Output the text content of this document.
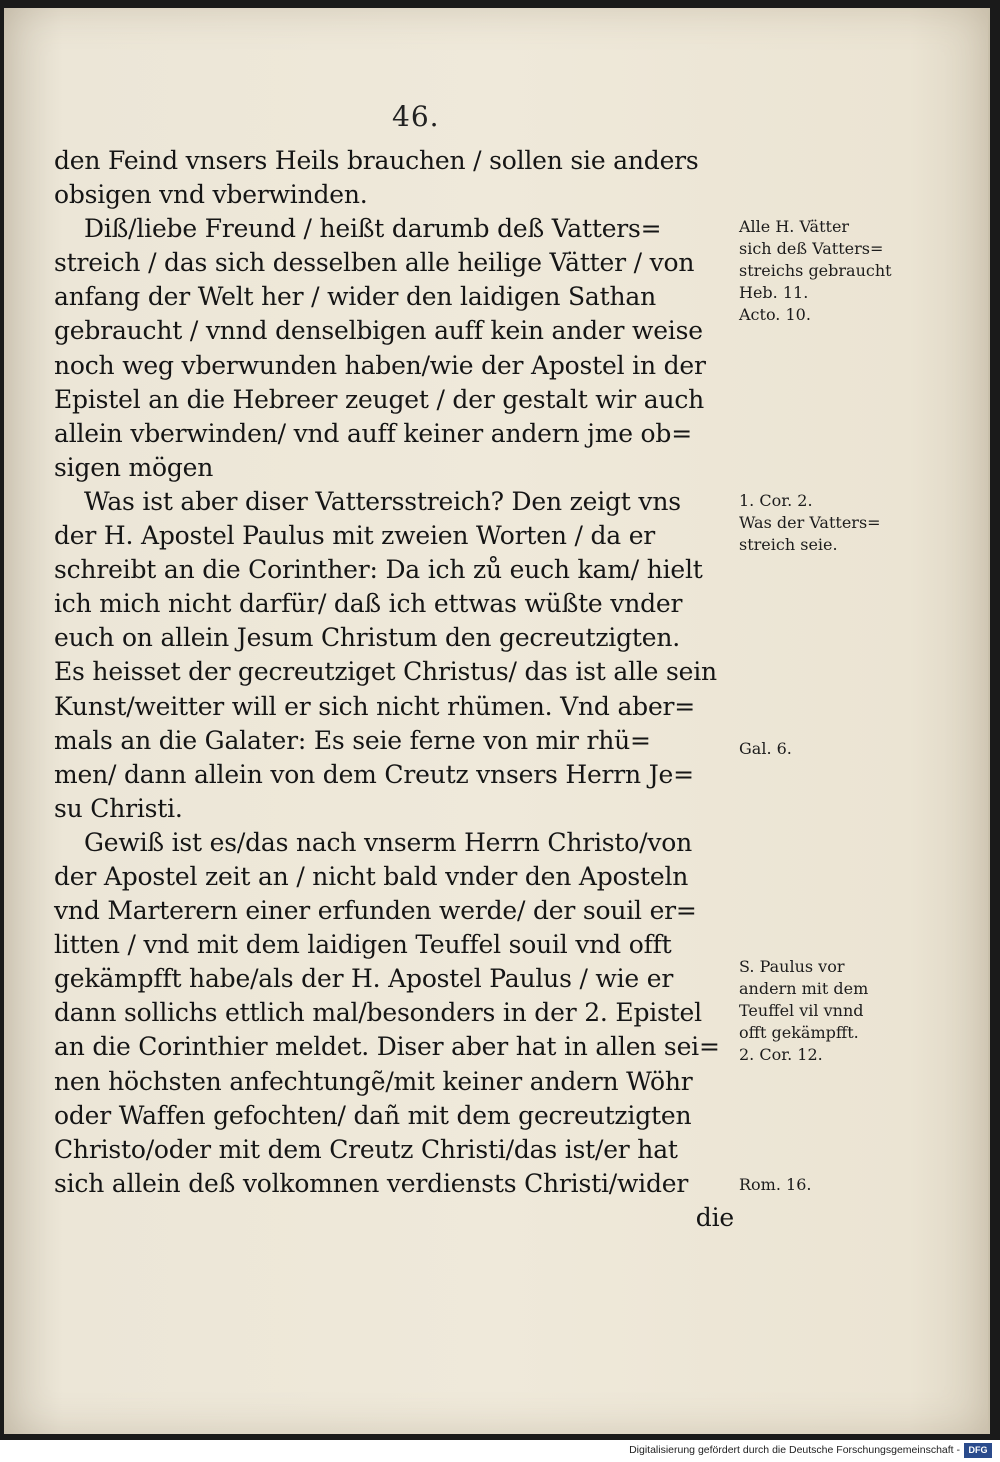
46.
den Feind vnsers Heils brauchen / sollen sie anders
obsigen vnd vberwinden.
Diß/liebe Freund / heißt darumb deß Vatters=
streich / das sich desselben alle heilige Vätter / von
anfang der Welt her / wider den laidigen Sathan
gebraucht / vnnd denselbigen auff kein ander weise
noch weg vberwunden haben/wie der Apostel in der
Epistel an die Hebreer zeuget / der gestalt wir auch
allein vberwinden/ vnd auff keiner andern jme ob=
sigen mögen
Was ist aber diser Vattersstreich? Den zeigt vns
der H. Apostel Paulus mit zweien Worten / da er
schreibt an die Corinther: Da ich zů euch kam/ hielt
ich mich nicht darfür/ daß ich ettwas wüßte vnder
euch on allein Jesum Christum den gecreutzigten.
Es heisset der gecreutziget Christus/ das ist alle sein
Kunst/weitter will er sich nicht rhümen. Vnd aber=
mals an die Galater: Es seie ferne von mir rhü=
men/ dann allein von dem Creutz vnsers Herrn Je=
su Christi.
Gewiß ist es/das nach vnserm Herrn Christo/von
der Apostel zeit an / nicht bald vnder den Aposteln
vnd Marterern einer erfunden werde/ der souil er=
litten / vnd mit dem laidigen Teuffel souil vnd offt
gekämpfft habe/als der H. Apostel Paulus / wie er
dann sollichs ettlich mal/besonders in der 2. Epistel
an die Corinthier meldet. Diser aber hat in allen sei=
nen höchsten anfechtungẽ/mit keiner andern Wöhr
oder Waffen gefochten/ dañ mit dem gecreutzigten
Christo/oder mit dem Creutz Christi/das ist/er hat
sich allein deß volkomnen verdiensts Christi/wider
die
Alle H. Vätter
sich deß Vatters=
streichs gebraucht
Heb. 11.
Acto. 10.
1. Cor. 2.
Was der Vatters=
streich seie.
Gal. 6.
S. Paulus vor
andern mit dem
Teuffel vil vnnd
offt gekämpfft.
2. Cor. 12.
Rom. 16.
Digitalisierung gefördert durch die Deutsche Forschungsgemeinschaft - DFG
